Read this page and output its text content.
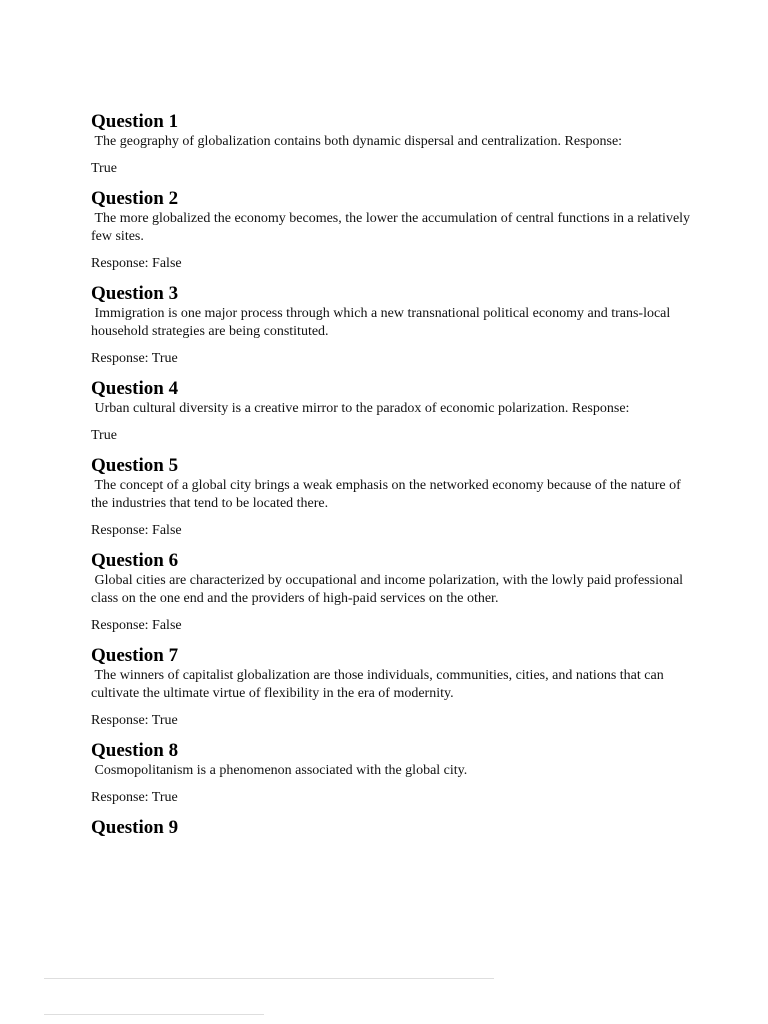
Question 1

The geography of globalization contains both dynamic dispersal and centralization. Response:

True

Question 2

The more globalized the economy becomes, the lower the accumulation of central functions in a relatively few sites.

Response: False

Question 3

Immigration is one major process through which a new transnational political economy and trans-local household strategies are being constituted.

Response: True

Question 4

Urban cultural diversity is a creative mirror to the paradox of economic polarization. Response:

True

Question 5

The concept of a global city brings a weak emphasis on the networked economy because of the nature of the industries that tend to be located there.

Response: False

Question 6

Global cities are characterized by occupational and income polarization, with the lowly paid professional class on the one end and the providers of high-paid services on the other.

Response: False

Question 7

The winners of capitalist globalization are those individuals, communities, cities, and nations that can cultivate the ultimate virtue of flexibility in the era of modernity.

Response: True

Question 8

Cosmopolitanism is a phenomenon associated with the global city.

Response: True

Question 9
